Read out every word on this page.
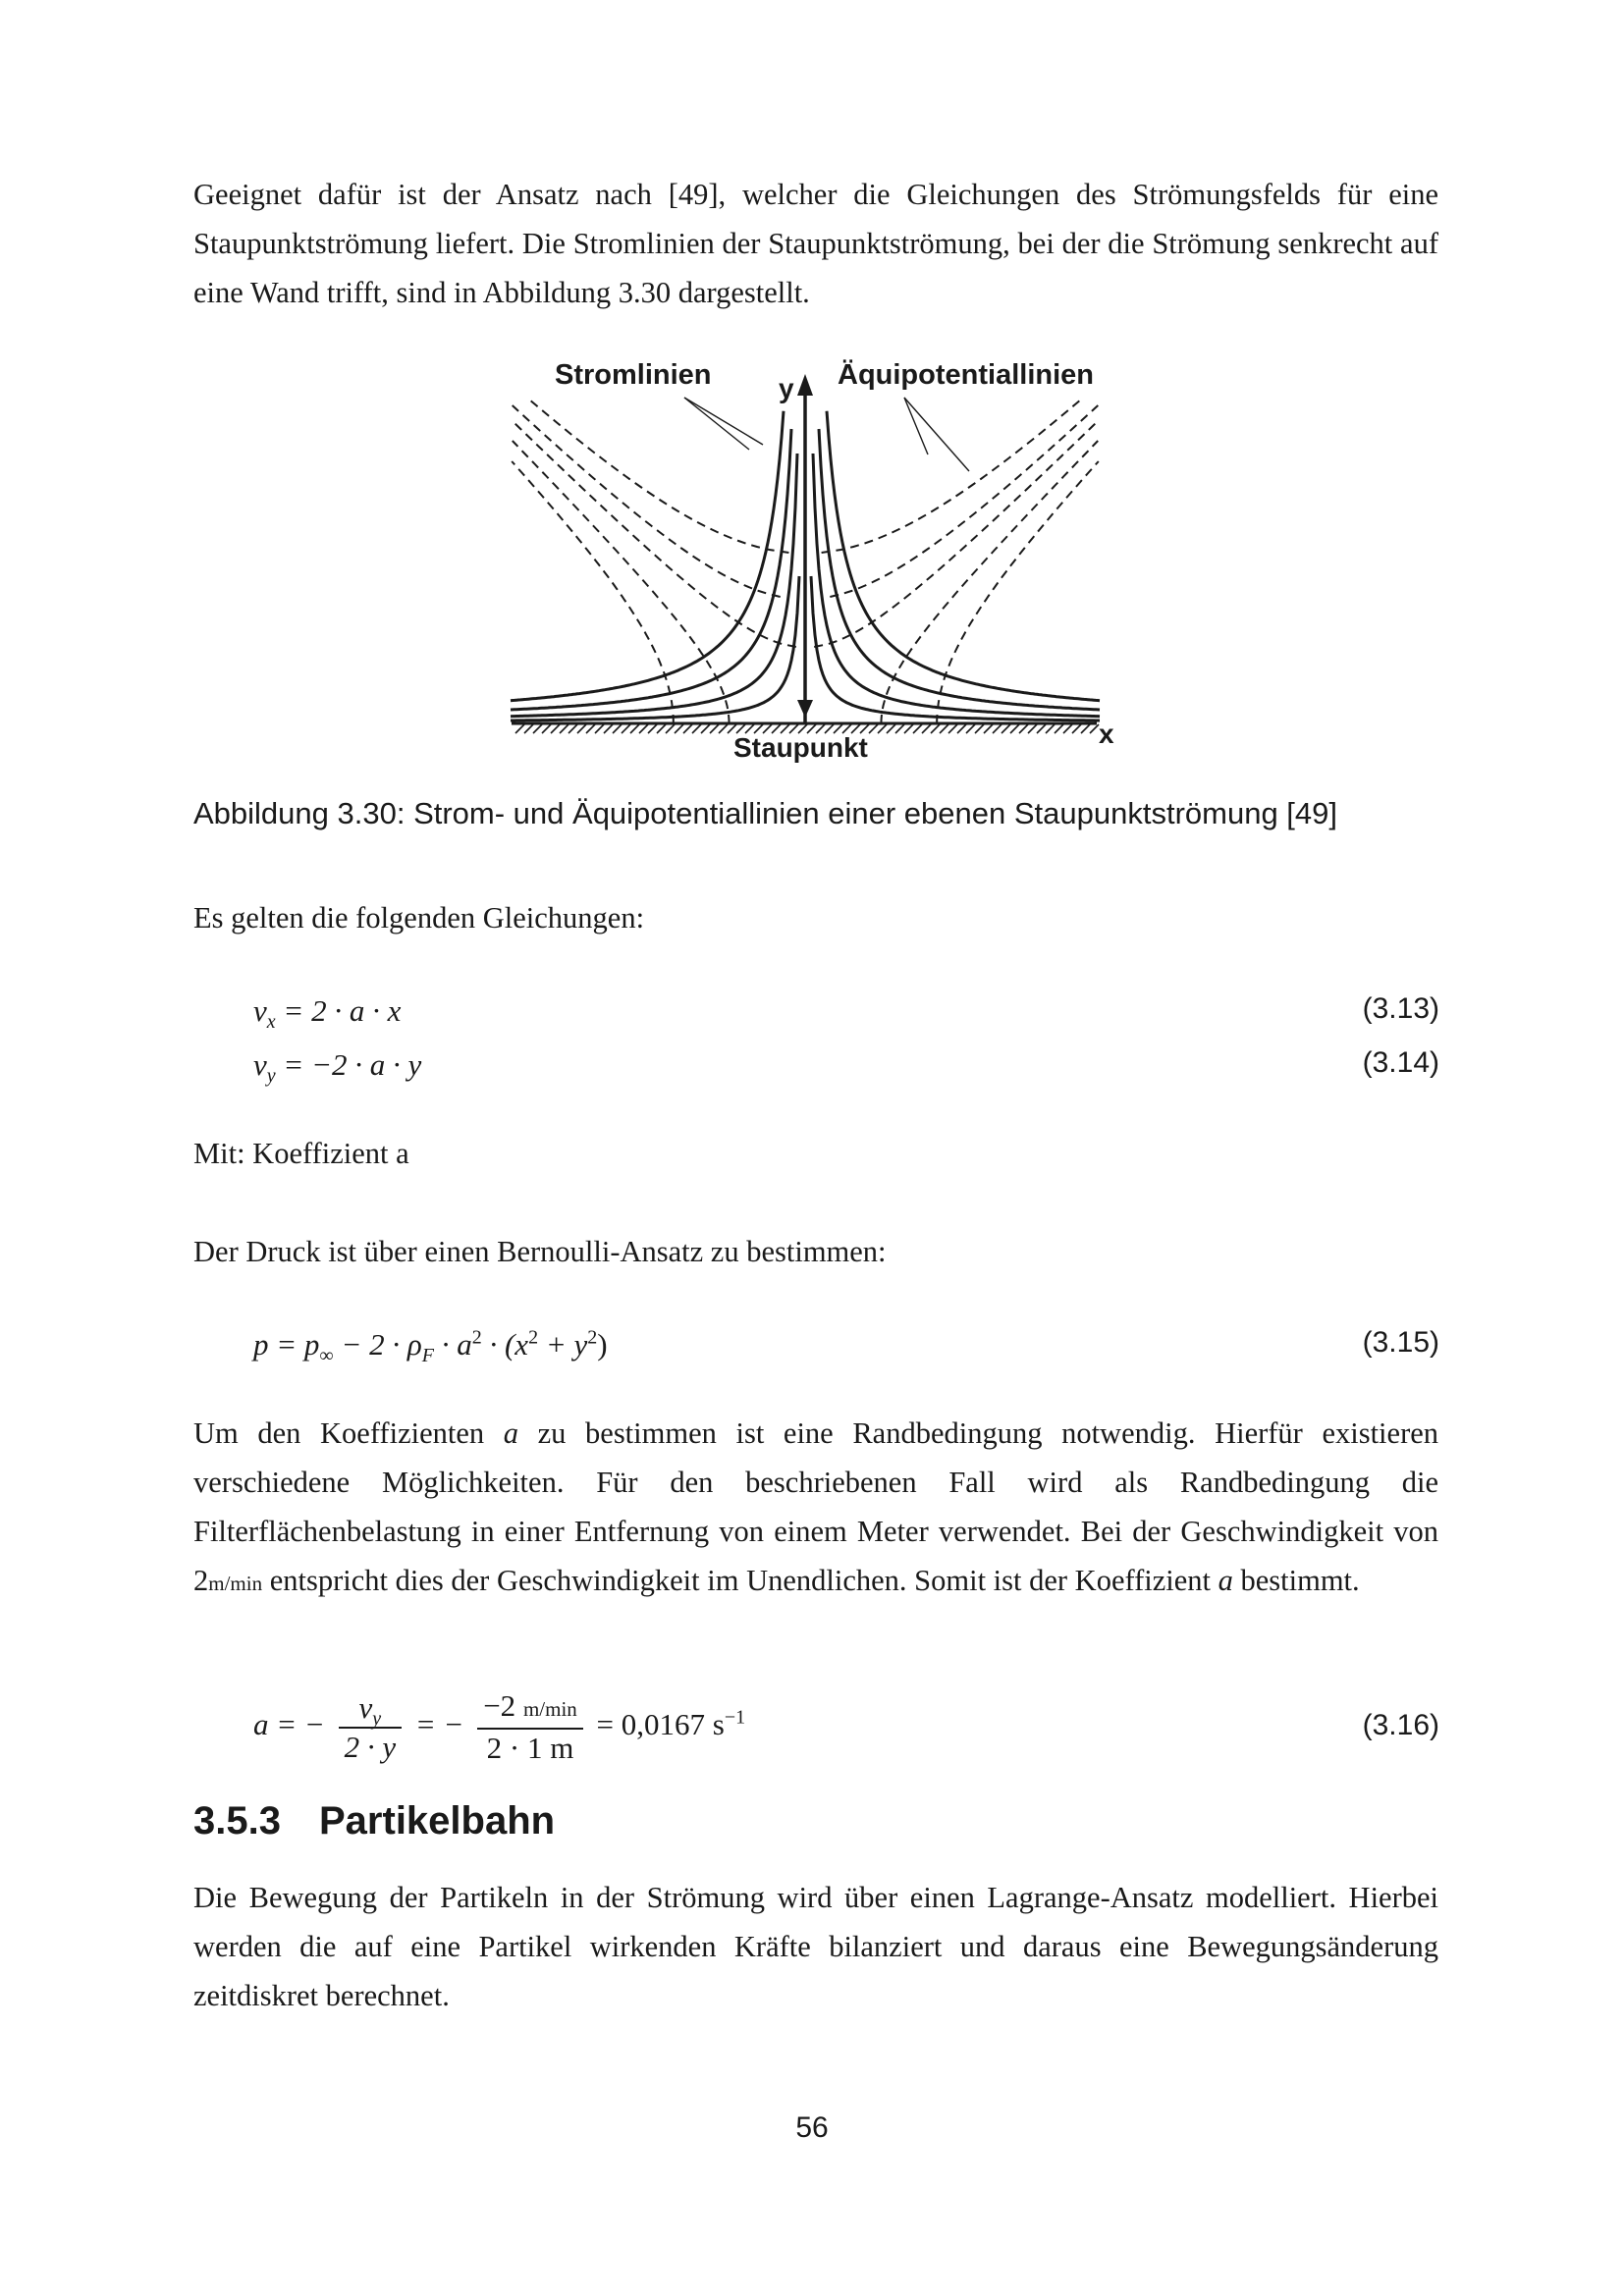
Geeignet dafür ist der Ansatz nach [49], welcher die Gleichungen des Strömungsfelds für eine Staupunktströmung liefert. Die Stromlinien der Staupunktströmung, bei der die Strömung senkrecht auf eine Wand trifft, sind in Abbildung 3.30 dargestellt.

Stromlinien y Äquipotentiallinien
Staupunkt	x
Abbildung 3.30: Strom- und Äquipotentiallinien einer ebenen Staupunktströmung [49]

Es gelten die folgenden Gleichungen:

$v_x = 2 \cdot a \cdot x$	(3.13)
$v_y = -2 \cdot a \cdot y$	(3.14)

Mit: Koeffizient a

Der Druck ist über einen Bernoulli-Ansatz zu bestimmen:

$p = p_\infty - 2 \cdot \rho_F \cdot a^2 \cdot (x^2 + y^2)$	(3.15)

Um den Koeffizienten a zu bestimmen ist eine Randbedingung notwendig. Hierfür existieren verschiedene Möglichkeiten. Für den beschriebenen Fall wird als Randbedingung die Filterflächenbelastung in einer Entfernung von einem Meter verwendet. Bei der Geschwindigkeit von 2m/min entspricht dies der Geschwindigkeit im Unendlichen. Somit ist der Koeffizient a bestimmt.

a = − $\frac{v_y}{2 \cdot y}$ = − $\frac{-2 m/\min}{2 \cdot 1 m} = 0,0167$ $s^{-1}$	(3.16)
3.5.3 Partikelbahn

Die Bewegung der Partikeln in der Strömung wird über einen Lagrange-Ansatz modelliert. Hierbei werden die auf eine Partikel wirkenden Kräfte bilanziert und daraus eine Bewegungsänderung zeitdiskret berechnet.

56
